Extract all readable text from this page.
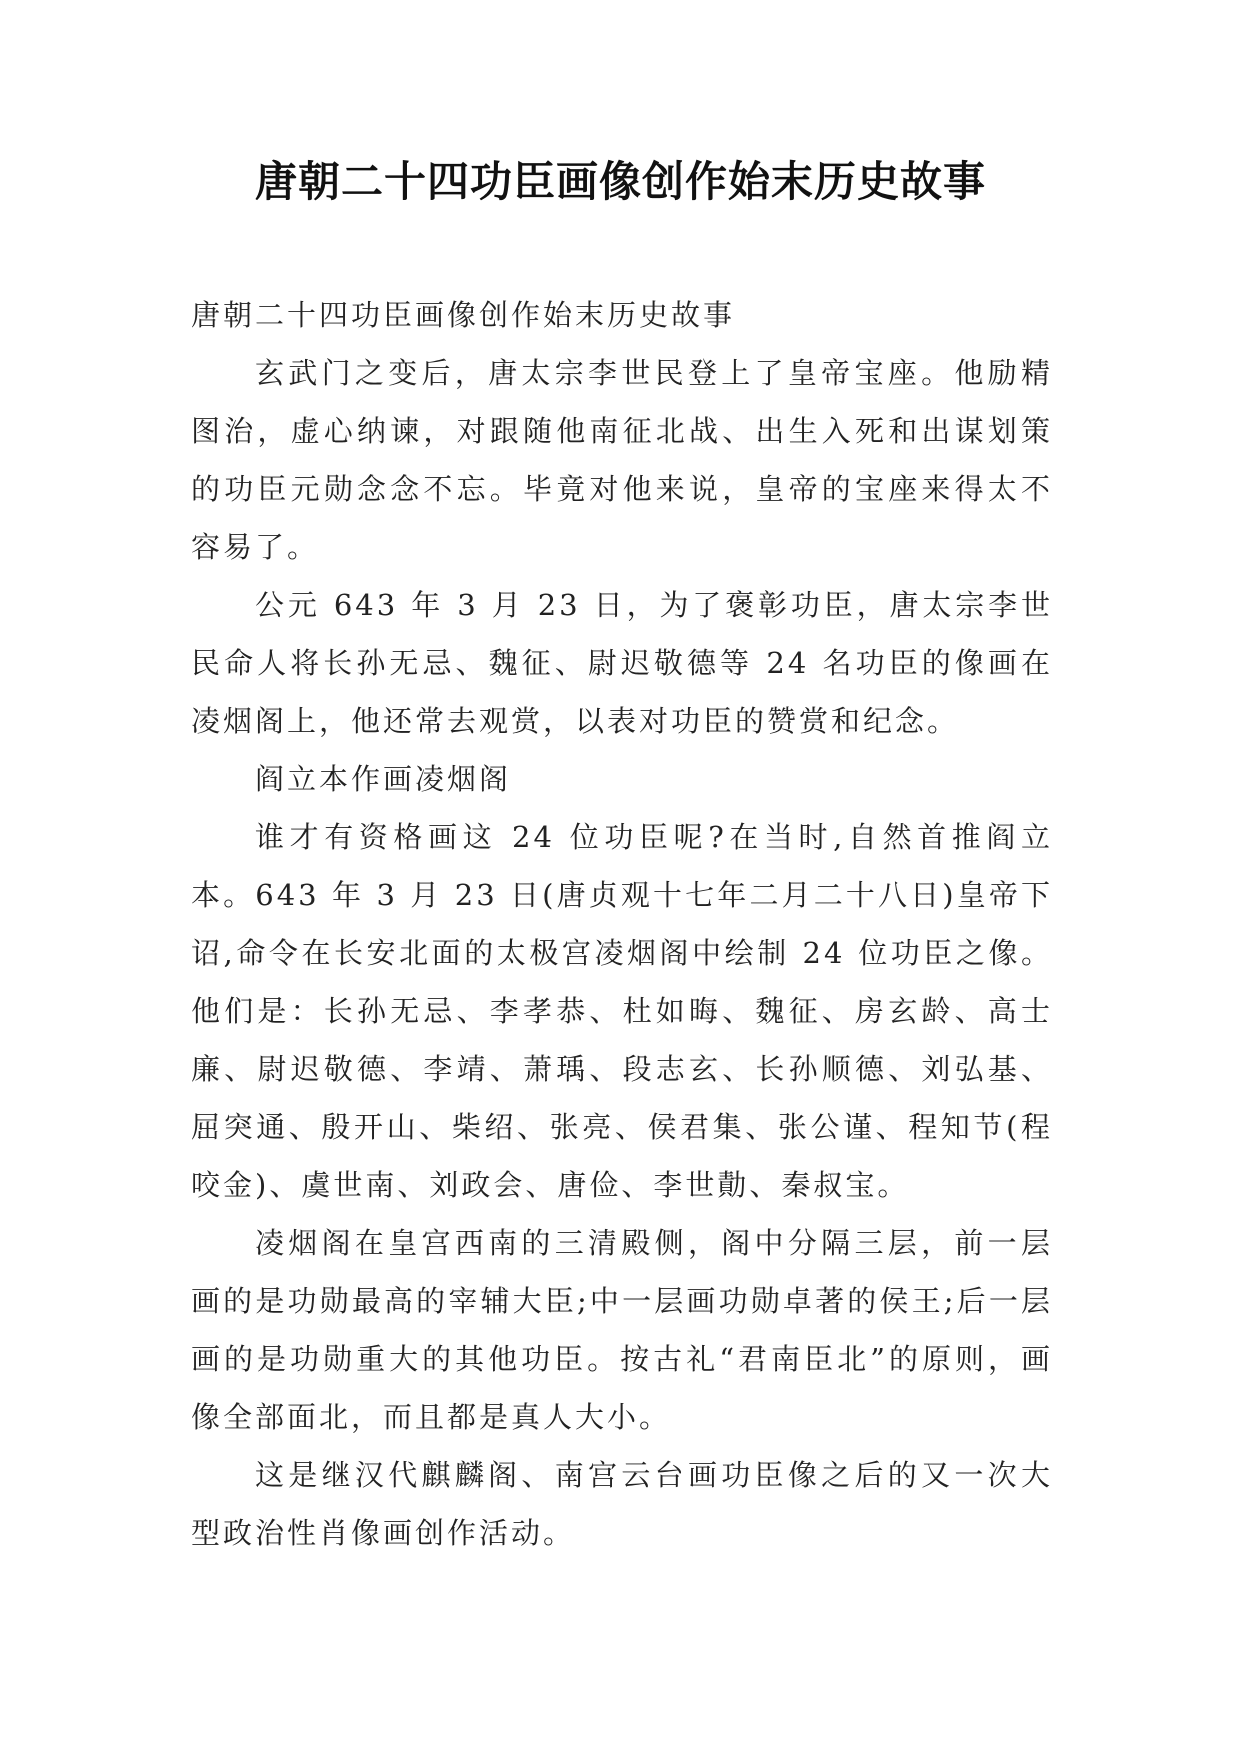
唐朝二十四功臣画像创作始末历史故事

唐朝二十四功臣画像创作始末历史故事

玄武门之变后，唐太宗李世民登上了皇帝宝座。他励精图治，虚心纳谏，对跟随他南征北战、出生入死和出谋划策的功臣元勋念念不忘。毕竟对他来说，皇帝的宝座来得太不容易了。

公元 643 年 3 月 23 日，为了褒彰功臣，唐太宗李世民命人将长孙无忌、魏征、尉迟敬德等 24 名功臣的像画在凌烟阁上，他还常去观赏，以表对功臣的赞赏和纪念。

阎立本作画凌烟阁

谁才有资格画这 24 位功臣呢?在当时,自然首推阎立本。643 年 3 月 23 日(唐贞观十七年二月二十八日)皇帝下诏,命令在长安北面的太极宫凌烟阁中绘制 24 位功臣之像。他们是：长孙无忌、李孝恭、杜如晦、魏征、房玄龄、高士廉、尉迟敬德、李靖、萧瑀、段志玄、长孙顺德、刘弘基、屈突通、殷开山、柴绍、张亮、侯君集、张公谨、程知节(程咬金)、虞世南、刘政会、唐俭、李世勣、秦叔宝。

凌烟阁在皇宫西南的三清殿侧，阁中分隔三层，前一层画的是功勋最高的宰辅大臣;中一层画功勋卓著的侯王;后一层画的是功勋重大的其他功臣。按古礼“君南臣北”的原则，画像全部面北，而且都是真人大小。

这是继汉代麒麟阁、南宫云台画功臣像之后的又一次大型政治性肖像画创作活动。
